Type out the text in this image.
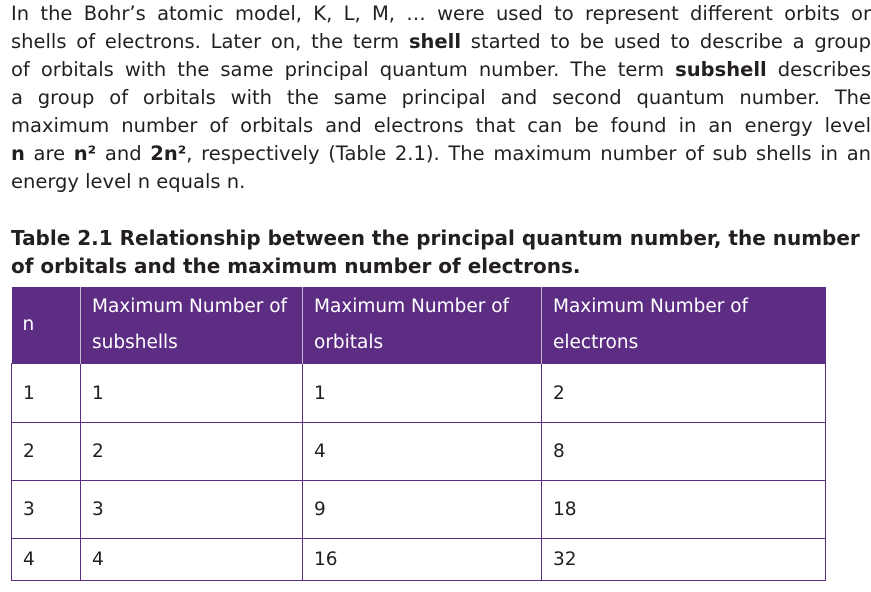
In the Bohr’s atomic model, K, L, M, … were used to represent different orbits or
shells of electrons. Later on, the term shell started to be used to describe a group
of orbitals with the same principal quantum number. The term subshell describes
a group of orbitals with the same principal and second quantum number. The
maximum number of orbitals and electrons that can be found in an energy level
n are n² and 2n², respectively (Table 2.1). The maximum number of sub shells in an
energy level n equals n.
Table 2.1 Relationship between the principal quantum number, the number
of orbitals and the maximum number of electrons.
n	Maximum Number of subshells	Maximum Number of orbitals	Maximum Number of electrons
1	1	1	2
2	2	4	8
3	3	9	18
4	4	16	32
